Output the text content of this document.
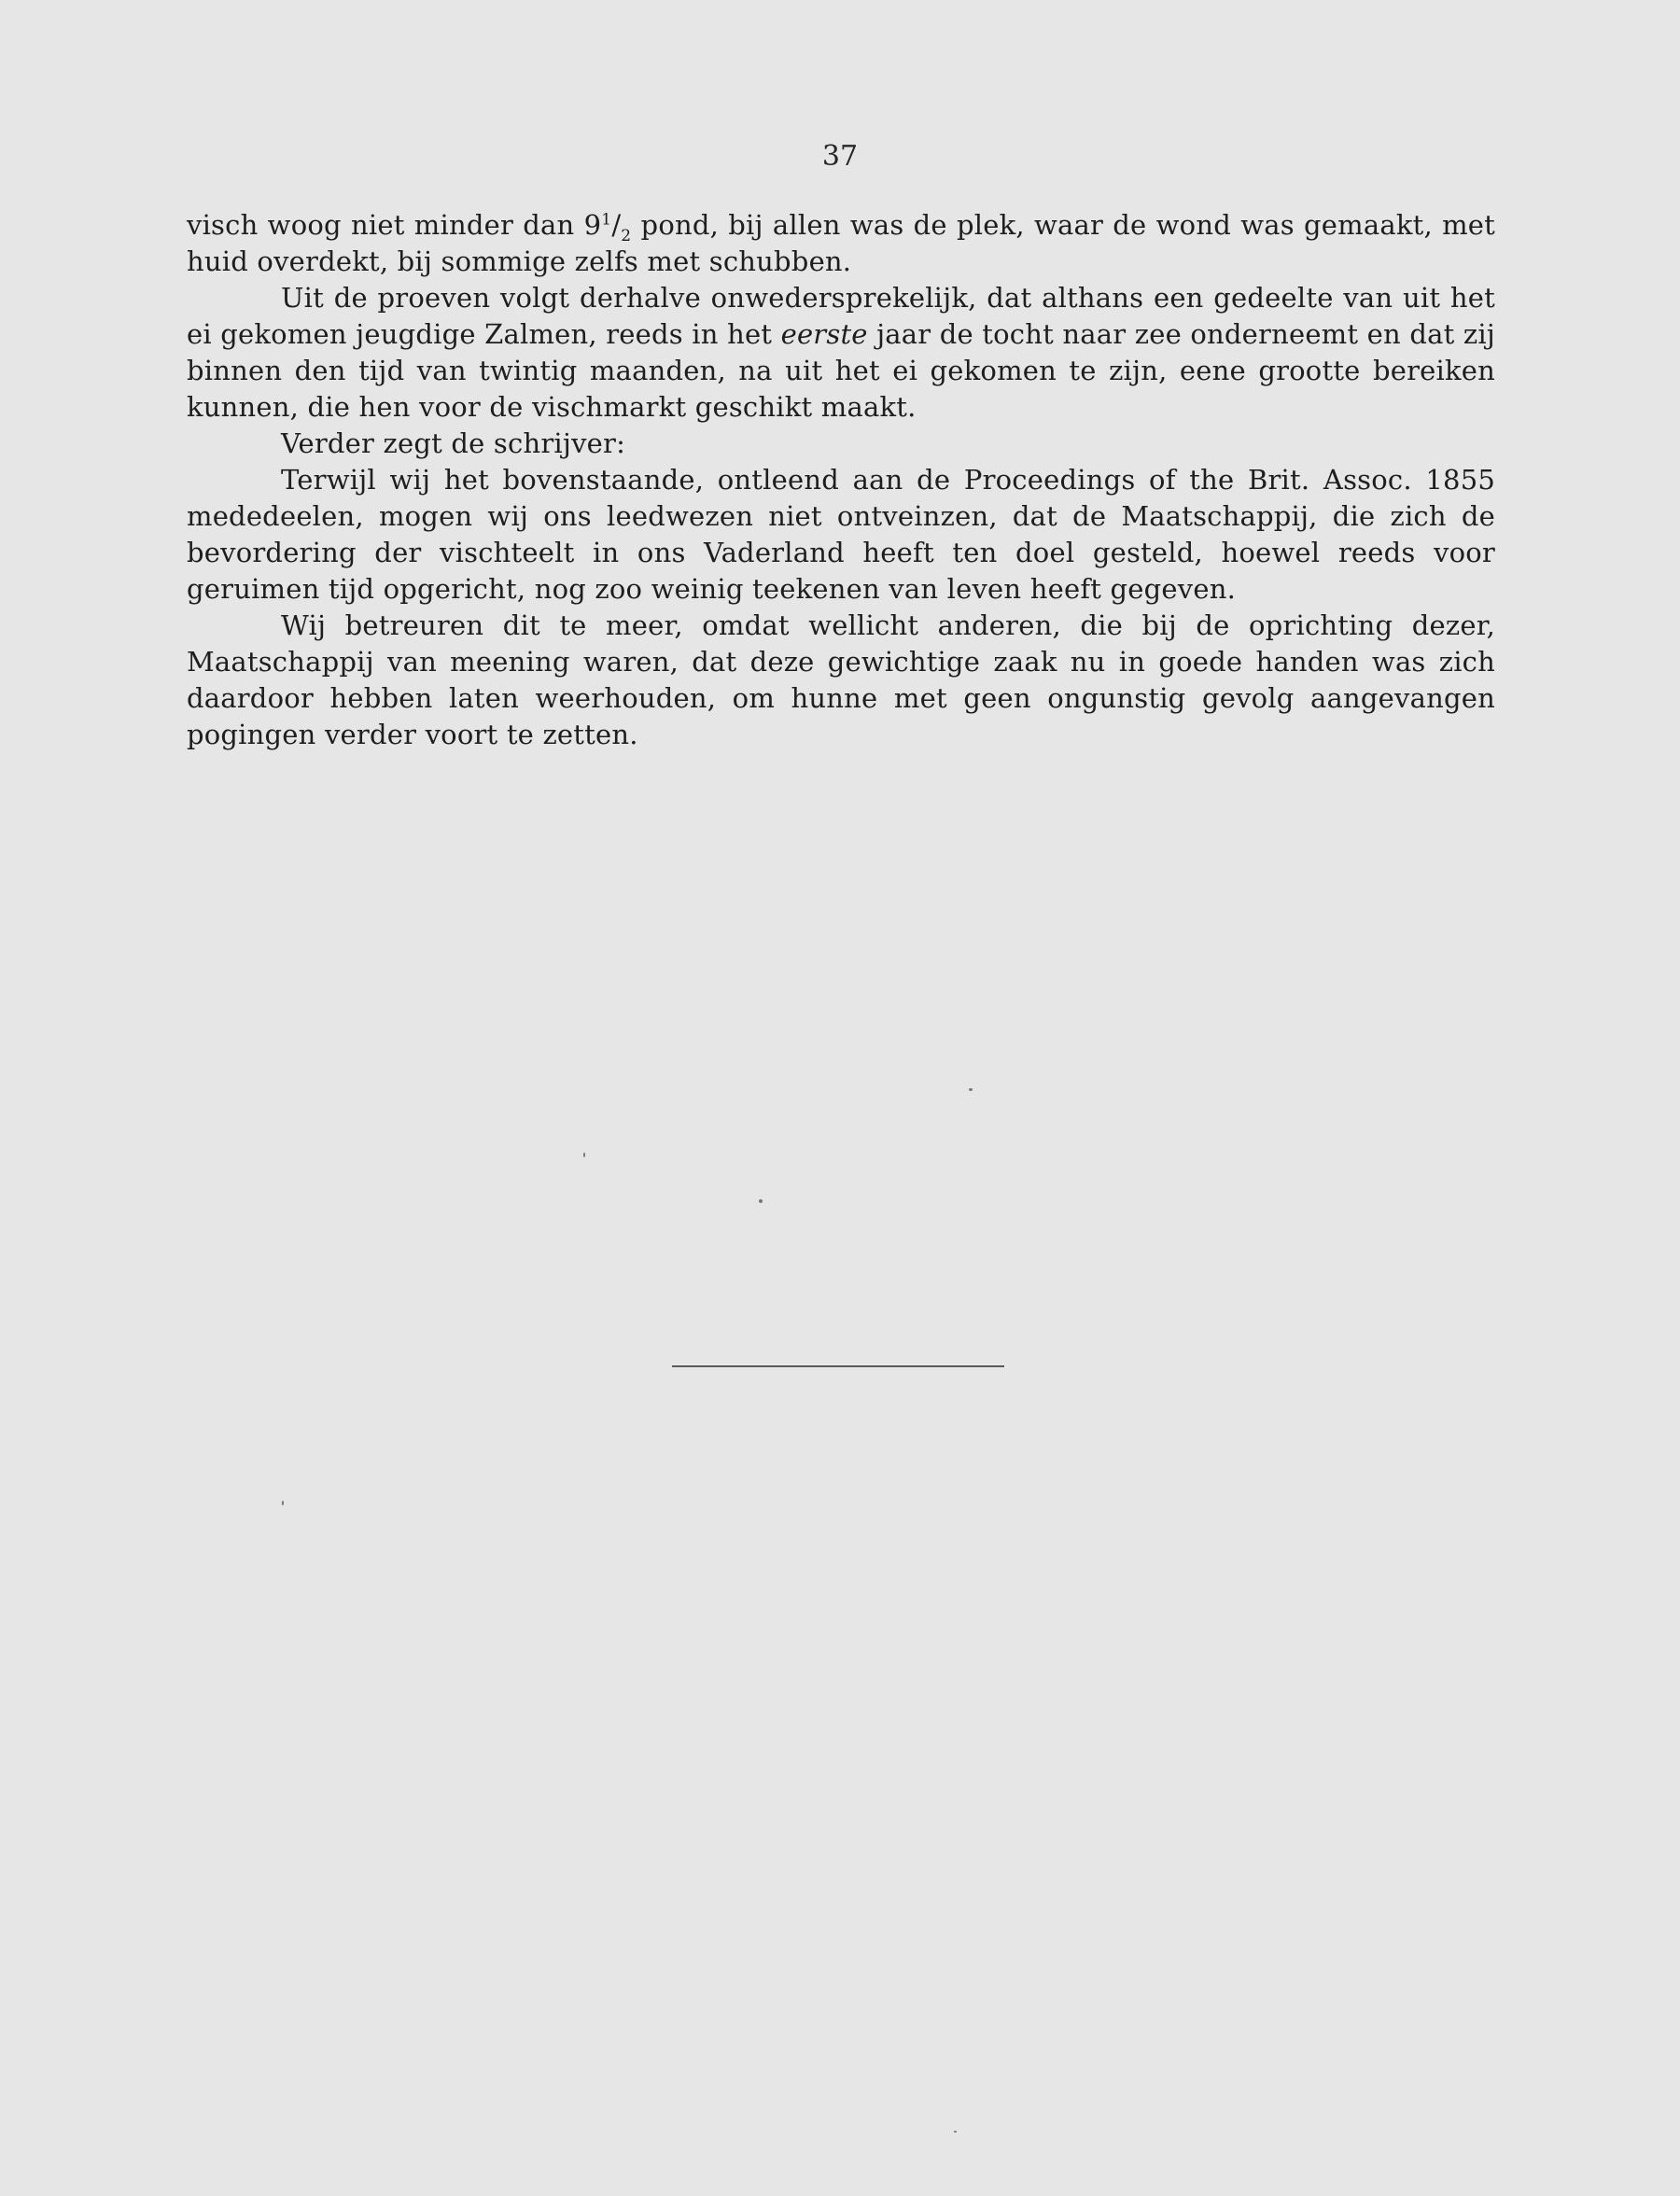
37

visch woog niet minder dan $9^1/_2$ pond, bij allen was de plek, waar de wond was gemaakt, met huid overdekt, bij sommige zelfs met schubben.

Uit de proeven volgt derhalve onwedersprekelijk, dat althans een gedeelte van uit het ei gekomen jeugdige Zalmen, reeds in het eerste jaar de tocht naar zee onderneemt en dat zij binnen den tijd van twintig maanden, na uit het ei gekomen te zijn, eene grootte bereiken kunnen, die hen voor de vischmarkt geschikt maakt.

Verder zegt de schrijver:

Terwijl wij het bovenstaande, ontleend aan de Proceedings of the Brit. Assoc. 1855 mededeelen, mogen wij ons leedwezen niet ontveinzen, dat de Maatschappij, die zich de bevordering der vischteelt in ons Vaderland heeft ten doel gesteld, hoewel reeds voor geruimen tijd opgericht, nog zoo weinig teekenen van leven heeft gegeven.

Wij betreuren dit te meer, omdat wellicht anderen, die bij de oprichting dezer, Maatschappij van meening waren, dat deze gewichtige zaak nu in goede handen was zich daardoor hebben laten weerhouden, om hunne met geen ongunstig gevolg aangevangen pogingen verder voort te zetten.
